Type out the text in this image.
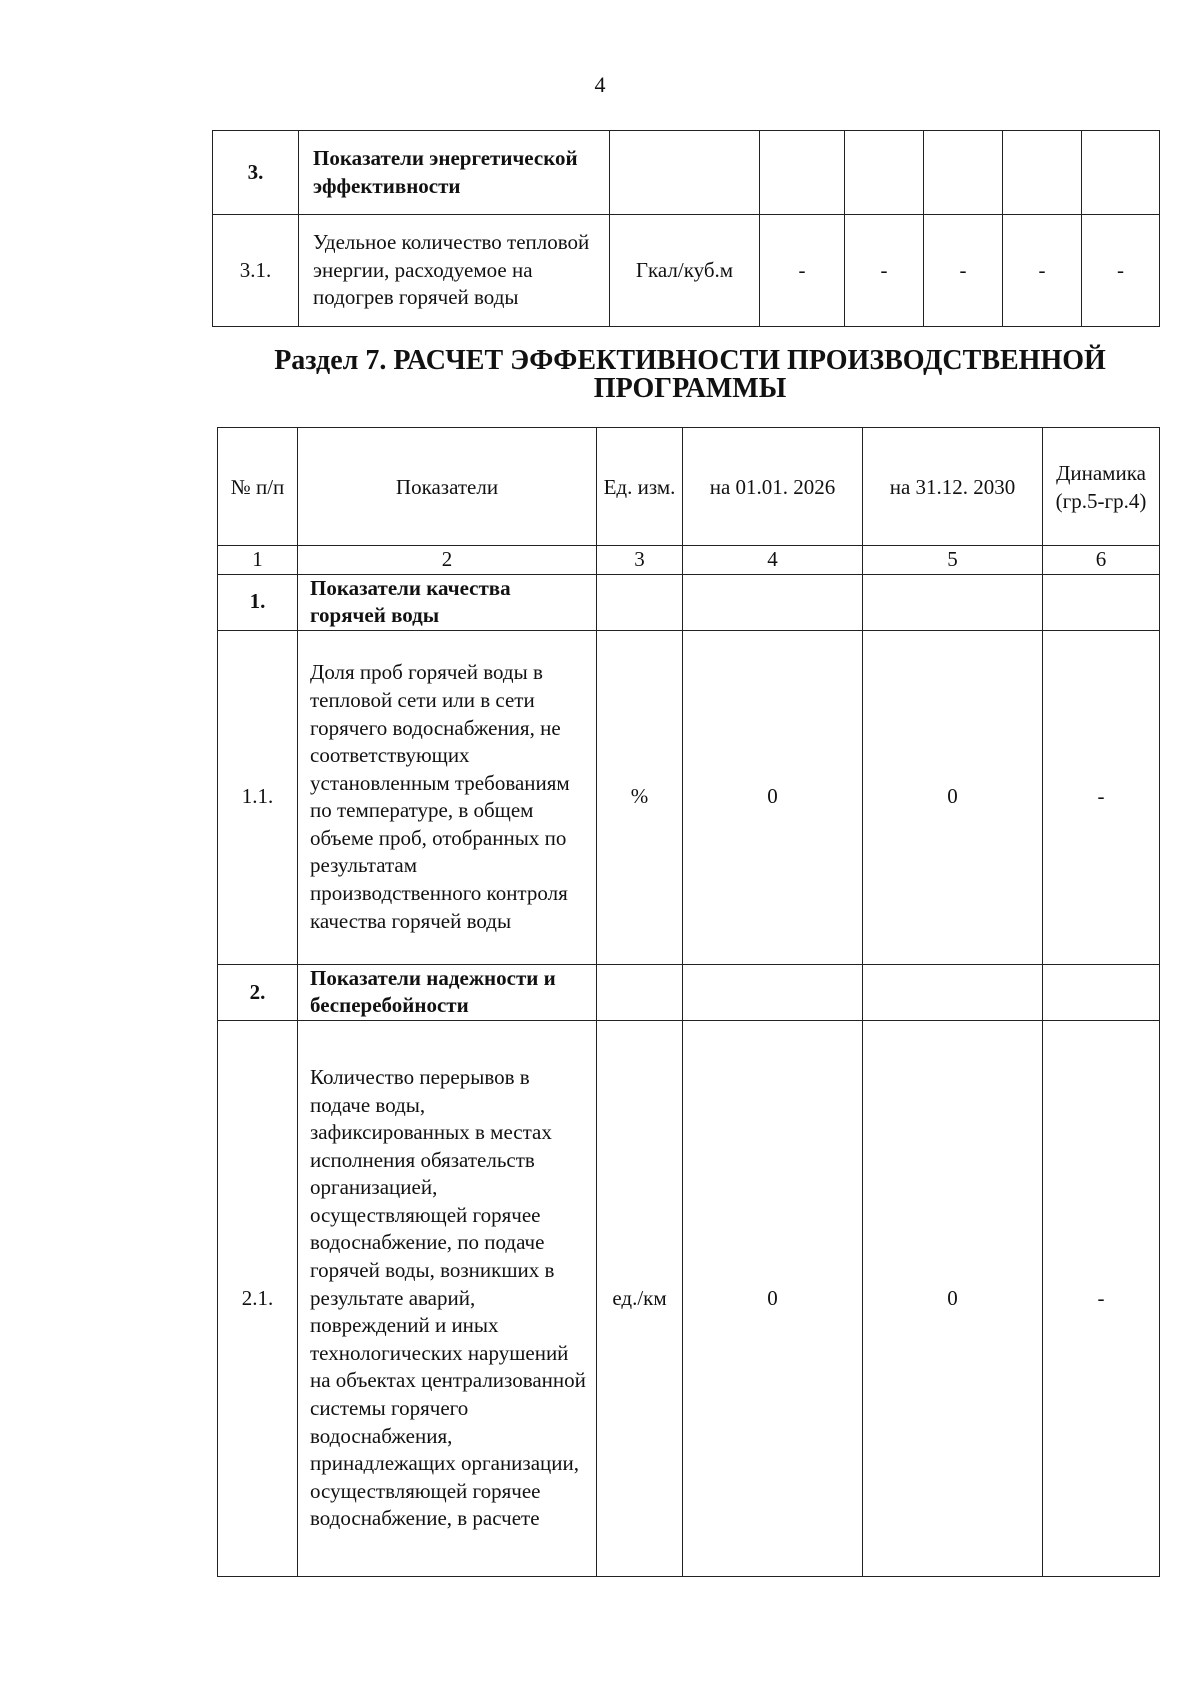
4
3.	Показатели энергетической эффективности						
3.1.	Удельное количество тепловой энергии, расходуемое на подогрев горячей воды	Гкал/куб.м	-	-	-	-	-
Раздел 7. РАСЧЕТ ЭФФЕКТИВНОСТИ ПРОИЗВОДСТВЕННОЙ ПРОГРАММЫ
№ п/п	Показатели	Ед. изм.	на 01.01. 2026	на 31.12. 2030	Динамика (гр.5-гр.4)
1	2	3	4	5	6
1.	Показатели качества горячей воды				
1.1.	Доля проб горячей воды в тепловой сети или в сети горячего водоснабжения, не соответствующих установленным требованиям по температуре, в общем объеме проб, отобранных по результатам производственного контроля качества горячей воды	%	0	0	-
2.	Показатели надежности и бесперебойности				
2.1.	Количество перерывов в подаче воды, зафиксированных в местах исполнения обязательств организацией, осуществляющей горячее водоснабжение, по подаче горячей воды, возникших в результате аварий, повреждений и иных технологических нарушений на объектах централизованной системы горячего водоснабжения, принадлежащих организации, осуществляющей горячее водоснабжение, в расчете	ед./км	0	0	-
